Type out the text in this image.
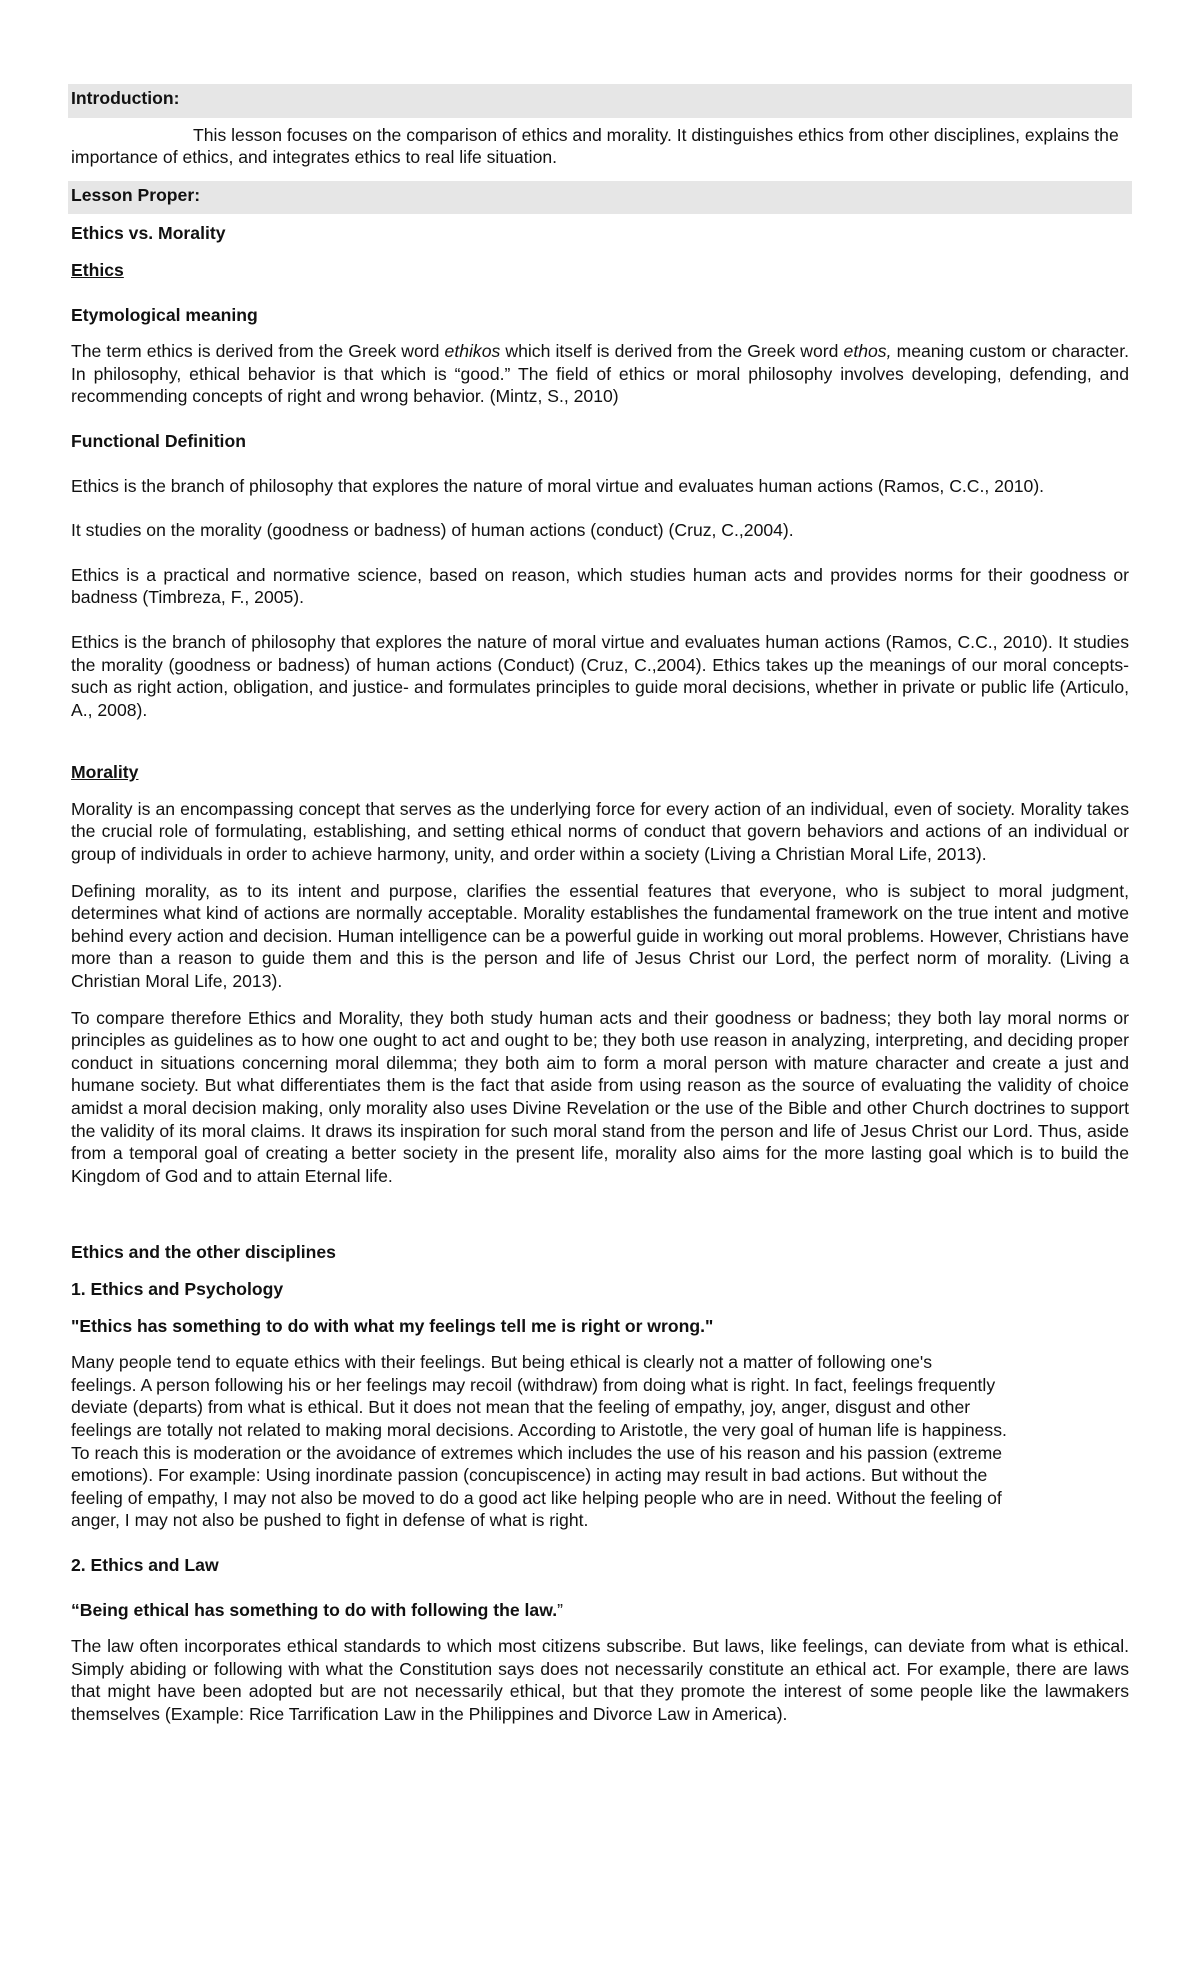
Introduction:

This lesson focuses on the comparison of ethics and morality. It distinguishes ethics from other disciplines, explains the importance of ethics, and integrates ethics to real life situation.

Lesson Proper:

Ethics vs. Morality

Ethics

Etymological meaning

The term ethics is derived from the Greek word ethikos which itself is derived from the Greek word ethos, meaning custom or character. In philosophy, ethical behavior is that which is “good.” The field of ethics or moral philosophy involves developing, defending, and recommending concepts of right and wrong behavior. (Mintz, S., 2010)

Functional Definition

Ethics is the branch of philosophy that explores the nature of moral virtue and evaluates human actions (Ramos, C.C., 2010).

It studies on the morality (goodness or badness) of human actions (conduct) (Cruz, C.,2004).

Ethics is a practical and normative science, based on reason, which studies human acts and provides norms for their goodness or badness (Timbreza, F., 2005).

Ethics is the branch of philosophy that explores the nature of moral virtue and evaluates human actions (Ramos, C.C., 2010). It studies the morality (goodness or badness) of human actions (Conduct) (Cruz, C.,2004). Ethics takes up the meanings of our moral concepts- such as right action, obligation, and justice- and formulates principles to guide moral decisions, whether in private or public life (Articulo, A., 2008).

Morality

Morality is an encompassing concept that serves as the underlying force for every action of an individual, even of society. Morality takes the crucial role of formulating, establishing, and setting ethical norms of conduct that govern behaviors and actions of an individual or group of individuals in order to achieve harmony, unity, and order within a society (Living a Christian Moral Life, 2013).

Defining morality, as to its intent and purpose, clarifies the essential features that everyone, who is subject to moral judgment, determines what kind of actions are normally acceptable. Morality establishes the fundamental framework on the true intent and motive behind every action and decision. Human intelligence can be a powerful guide in working out moral problems. However, Christians have more than a reason to guide them and this is the person and life of Jesus Christ our Lord, the perfect norm of morality. (Living a Christian Moral Life, 2013).

To compare therefore Ethics and Morality, they both study human acts and their goodness or badness; they both lay moral norms or principles as guidelines as to how one ought to act and ought to be; they both use reason in analyzing, interpreting, and deciding proper conduct in situations concerning moral dilemma; they both aim to form a moral person with mature character and create a just and humane society. But what differentiates them is the fact that aside from using reason as the source of evaluating the validity of choice amidst a moral decision making, only morality also uses Divine Revelation or the use of the Bible and other Church doctrines to support the validity of its moral claims. It draws its inspiration for such moral stand from the person and life of Jesus Christ our Lord. Thus, aside from a temporal goal of creating a better society in the present life, morality also aims for the more lasting goal which is to build the Kingdom of God and to attain Eternal life.

Ethics and the other disciplines

1. Ethics and Psychology

"Ethics has something to do with what my feelings tell me is right or wrong."

Many people tend to equate ethics with their feelings. But being ethical is clearly not a matter of following one's
feelings. A person following his or her feelings may recoil (withdraw) from doing what is right. In fact, feelings frequently
deviate (departs) from what is ethical. But it does not mean that the feeling of empathy, joy, anger, disgust and other
feelings are totally not related to making moral decisions. According to Aristotle, the very goal of human life is happiness.
To reach this is moderation or the avoidance of extremes which includes the use of his reason and his passion (extreme
emotions). For example: Using inordinate passion (concupiscence) in acting may result in bad actions. But without the
feeling of empathy, I may not also be moved to do a good act like helping people who are in need. Without the feeling of
anger, I may not also be pushed to fight in defense of what is right.

2. Ethics and Law

“Being ethical has something to do with following the law.”

The law often incorporates ethical standards to which most citizens subscribe. But laws, like feelings, can deviate from what is ethical. Simply abiding or following with what the Constitution says does not necessarily constitute an ethical act. For example, there are laws that might have been adopted but are not necessarily ethical, but that they promote the interest of some people like the lawmakers themselves (Example: Rice Tarrification Law in the Philippines and Divorce Law in America).
